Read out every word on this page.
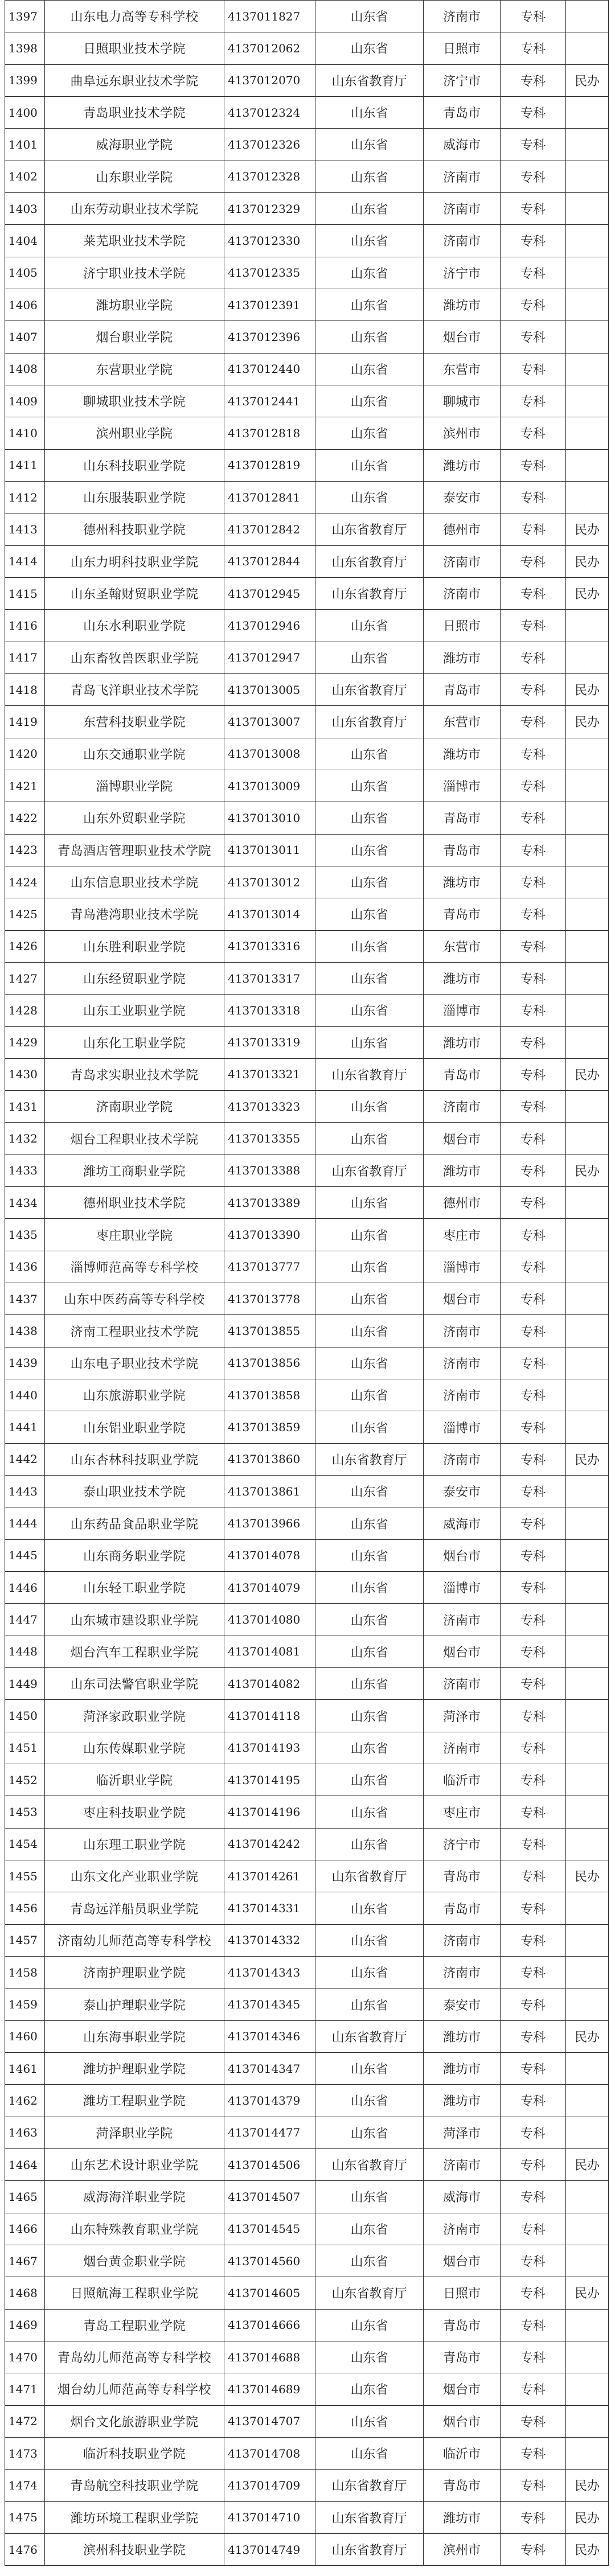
1397	山东电力高等专科学校	4137011827	山东省	济南市	专科	
1398	日照职业技术学院	4137012062	山东省	日照市	专科	
1399	曲阜远东职业技术学院	4137012070	山东省教育厅	济宁市	专科	民办
1400	青岛职业技术学院	4137012324	山东省	青岛市	专科	
1401	威海职业学院	4137012326	山东省	威海市	专科	
1402	山东职业学院	4137012328	山东省	济南市	专科	
1403	山东劳动职业技术学院	4137012329	山东省	济南市	专科	
1404	莱芜职业技术学院	4137012330	山东省	济南市	专科	
1405	济宁职业技术学院	4137012335	山东省	济宁市	专科	
1406	潍坊职业学院	4137012391	山东省	潍坊市	专科	
1407	烟台职业学院	4137012396	山东省	烟台市	专科	
1408	东营职业学院	4137012440	山东省	东营市	专科	
1409	聊城职业技术学院	4137012441	山东省	聊城市	专科	
1410	滨州职业学院	4137012818	山东省	滨州市	专科	
1411	山东科技职业学院	4137012819	山东省	潍坊市	专科	
1412	山东服装职业学院	4137012841	山东省	泰安市	专科	
1413	德州科技职业学院	4137012842	山东省教育厅	德州市	专科	民办
1414	山东力明科技职业学院	4137012844	山东省教育厅	济南市	专科	民办
1415	山东圣翰财贸职业学院	4137012945	山东省教育厅	济南市	专科	民办
1416	山东水利职业学院	4137012946	山东省	日照市	专科	
1417	山东畜牧兽医职业学院	4137012947	山东省	潍坊市	专科	
1418	青岛飞洋职业技术学院	4137013005	山东省教育厅	青岛市	专科	民办
1419	东营科技职业学院	4137013007	山东省教育厅	东营市	专科	民办
1420	山东交通职业学院	4137013008	山东省	潍坊市	专科	
1421	淄博职业学院	4137013009	山东省	淄博市	专科	
1422	山东外贸职业学院	4137013010	山东省	青岛市	专科	
1423	青岛酒店管理职业技术学院	4137013011	山东省	青岛市	专科	
1424	山东信息职业技术学院	4137013012	山东省	潍坊市	专科	
1425	青岛港湾职业技术学院	4137013014	山东省	青岛市	专科	
1426	山东胜利职业学院	4137013316	山东省	东营市	专科	
1427	山东经贸职业学院	4137013317	山东省	潍坊市	专科	
1428	山东工业职业学院	4137013318	山东省	淄博市	专科	
1429	山东化工职业学院	4137013319	山东省	潍坊市	专科	
1430	青岛求实职业技术学院	4137013321	山东省教育厅	青岛市	专科	民办
1431	济南职业学院	4137013323	山东省	济南市	专科	
1432	烟台工程职业技术学院	4137013355	山东省	烟台市	专科	
1433	潍坊工商职业学院	4137013388	山东省教育厅	潍坊市	专科	民办
1434	德州职业技术学院	4137013389	山东省	德州市	专科	
1435	枣庄职业学院	4137013390	山东省	枣庄市	专科	
1436	淄博师范高等专科学校	4137013777	山东省	淄博市	专科	
1437	山东中医药高等专科学校	4137013778	山东省	烟台市	专科	
1438	济南工程职业技术学院	4137013855	山东省	济南市	专科	
1439	山东电子职业技术学院	4137013856	山东省	济南市	专科	
1440	山东旅游职业学院	4137013858	山东省	济南市	专科	
1441	山东铝业职业学院	4137013859	山东省	淄博市	专科	
1442	山东杏林科技职业学院	4137013860	山东省教育厅	济南市	专科	民办
1443	泰山职业技术学院	4137013861	山东省	泰安市	专科	
1444	山东药品食品职业学院	4137013966	山东省	威海市	专科	
1445	山东商务职业学院	4137014078	山东省	烟台市	专科	
1446	山东轻工职业学院	4137014079	山东省	淄博市	专科	
1447	山东城市建设职业学院	4137014080	山东省	济南市	专科	
1448	烟台汽车工程职业学院	4137014081	山东省	烟台市	专科	
1449	山东司法警官职业学院	4137014082	山东省	济南市	专科	
1450	菏泽家政职业学院	4137014118	山东省	菏泽市	专科	
1451	山东传媒职业学院	4137014193	山东省	济南市	专科	
1452	临沂职业学院	4137014195	山东省	临沂市	专科	
1453	枣庄科技职业学院	4137014196	山东省	枣庄市	专科	
1454	山东理工职业学院	4137014242	山东省	济宁市	专科	
1455	山东文化产业职业学院	4137014261	山东省教育厅	青岛市	专科	民办
1456	青岛远洋船员职业学院	4137014331	山东省	青岛市	专科	
1457	济南幼儿师范高等专科学校	4137014332	山东省	济南市	专科	
1458	济南护理职业学院	4137014343	山东省	济南市	专科	
1459	泰山护理职业学院	4137014345	山东省	泰安市	专科	
1460	山东海事职业学院	4137014346	山东省教育厅	潍坊市	专科	民办
1461	潍坊护理职业学院	4137014347	山东省	潍坊市	专科	
1462	潍坊工程职业学院	4137014379	山东省	潍坊市	专科	
1463	菏泽职业学院	4137014477	山东省	菏泽市	专科	
1464	山东艺术设计职业学院	4137014506	山东省教育厅	济南市	专科	民办
1465	威海海洋职业学院	4137014507	山东省	威海市	专科	
1466	山东特殊教育职业学院	4137014545	山东省	济南市	专科	
1467	烟台黄金职业学院	4137014560	山东省	烟台市	专科	
1468	日照航海工程职业学院	4137014605	山东省教育厅	日照市	专科	民办
1469	青岛工程职业学院	4137014666	山东省	青岛市	专科	
1470	青岛幼儿师范高等专科学校	4137014688	山东省	青岛市	专科	
1471	烟台幼儿师范高等专科学校	4137014689	山东省	烟台市	专科	
1472	烟台文化旅游职业学院	4137014707	山东省	烟台市	专科	
1473	临沂科技职业学院	4137014708	山东省	临沂市	专科	
1474	青岛航空科技职业学院	4137014709	山东省教育厅	青岛市	专科	民办
1475	潍坊环境工程职业学院	4137014710	山东省教育厅	潍坊市	专科	民办
1476	滨州科技职业学院	4137014749	山东省教育厅	滨州市	专科	民办
